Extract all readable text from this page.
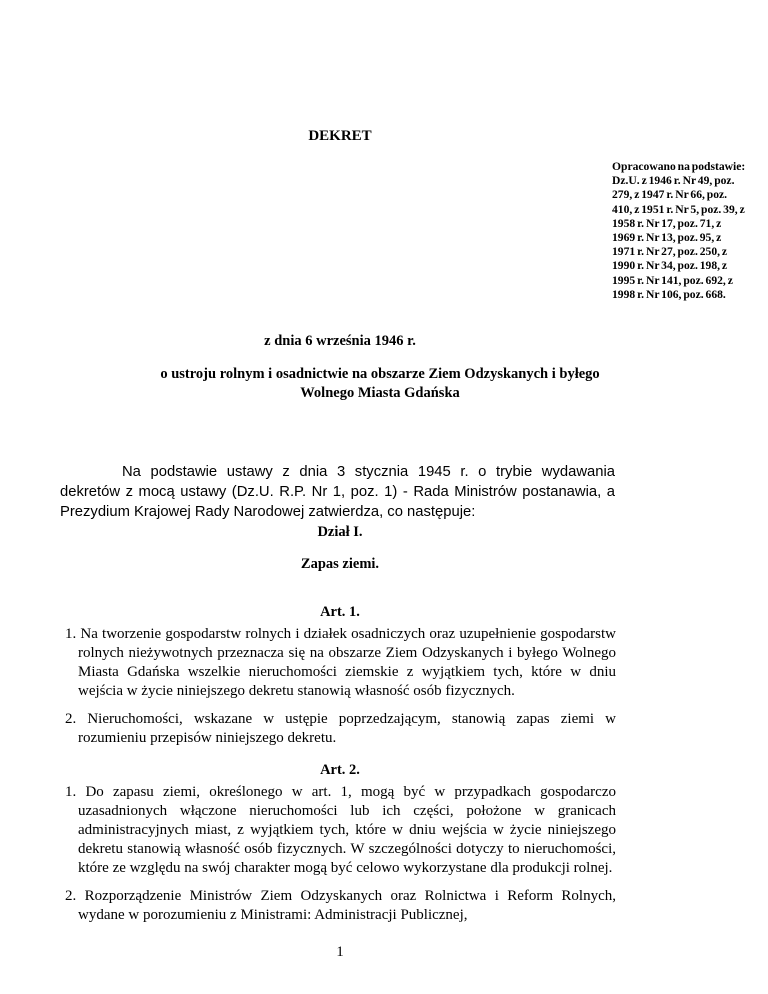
DEKRET

Opracowano na podstawie: Dz.U. z 1946 r. Nr 49, poz. 279, z 1947 r. Nr 66, poz. 410, z 1951 r. Nr 5, poz. 39, z 1958 r. Nr 17, poz. 71, z 1969 r. Nr 13, poz. 95, z 1971 r. Nr 27, poz. 250, z 1990 r. Nr 34, poz. 198, z 1995 r. Nr 141, poz. 692, z 1998 r. Nr 106, poz. 668.

z dnia 6 września 1946 r.

o ustroju rolnym i osadnictwie na obszarze Ziem Odzyskanych i byłego
Wolnego Miasta Gdańska

Na podstawie ustawy z dnia 3 stycznia 1945 r. o trybie wydawania dekretów z mocą ustawy (Dz.U. R.P. Nr 1, poz. 1) - Rada Ministrów postanawia, a Prezydium Krajowej Rady Narodowej zatwierdza, co następuje:

Dział I.

Zapas ziemi.

Art. 1.

1. Na tworzenie gospodarstw rolnych i działek osadniczych oraz uzupełnienie gospodarstw rolnych nieżywotnych przeznacza się na obszarze Ziem Odzyskanych i byłego Wolnego Miasta Gdańska wszelkie nieruchomości ziemskie z wyjątkiem tych, które w dniu wejścia w życie niniejszego dekretu stanowią własność osób fizycznych.

2. Nieruchomości, wskazane w ustępie poprzedzającym, stanowią zapas ziemi w rozumieniu przepisów niniejszego dekretu.

Art. 2.

1. Do zapasu ziemi, określonego w art. 1, mogą być w przypadkach gospodarczo uzasadnionych włączone nieruchomości lub ich części, położone w granicach administracyjnych miast, z wyjątkiem tych, które w dniu wejścia w życie niniejszego dekretu stanowią własność osób fizycznych. W szczególności dotyczy to nieruchomości, które ze względu na swój charakter mogą być celowo wykorzystane dla produkcji rolnej.

2. Rozporządzenie Ministrów Ziem Odzyskanych oraz Rolnictwa i Reform Rolnych, wydane w porozumieniu z Ministrami: Administracji Publicznej,

1
